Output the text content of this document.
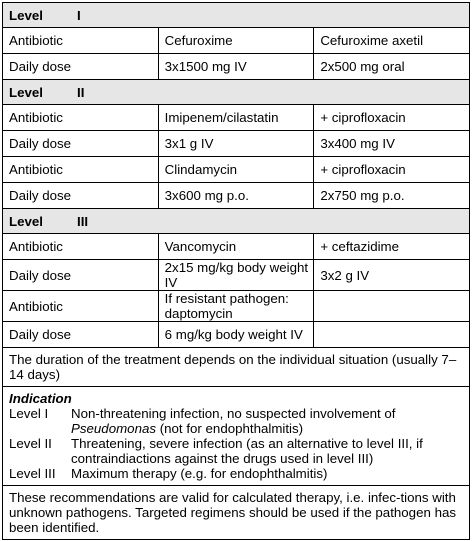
Level I		
Antibiotic	Cefuroxime	Cefuroxime axetil
Daily dose	3x1500 mg IV	2x500 mg oral
Level II		
Antibiotic	Imipenem/cilastatin	+ ciprofloxacin
Daily dose	3x1 g IV	3x400 mg IV
Antibiotic	Clindamycin	+ ciprofloxacin
Daily dose	3x600 mg p.o.	2x750 mg p.o.
Level III		
Antibiotic	Vancomycin	+ ceftazidime
Daily dose	2x15 mg/kg body weight IV	3x2 g IV
Antibiotic	If resistant pathogen: daptomycin	
Daily dose	6 mg/kg body weight IV	
The duration of the treatment depends on the individual situation (usually 7–14 days)
Indication
Level I	Non-threatening infection, no suspected involvement of Pseudomonas (not for endophthalmitis)
Level II	Threatening, severe infection (as an alternative to level III, if contraindiactions against the drugs used in level III)
Level III	Maximum therapy (e.g. for endophthalmitis)
These recommendations are valid for calculated therapy, i.e. infec-tions with unknown pathogens. Targeted regimens should be used if the pathogen has been identified.
